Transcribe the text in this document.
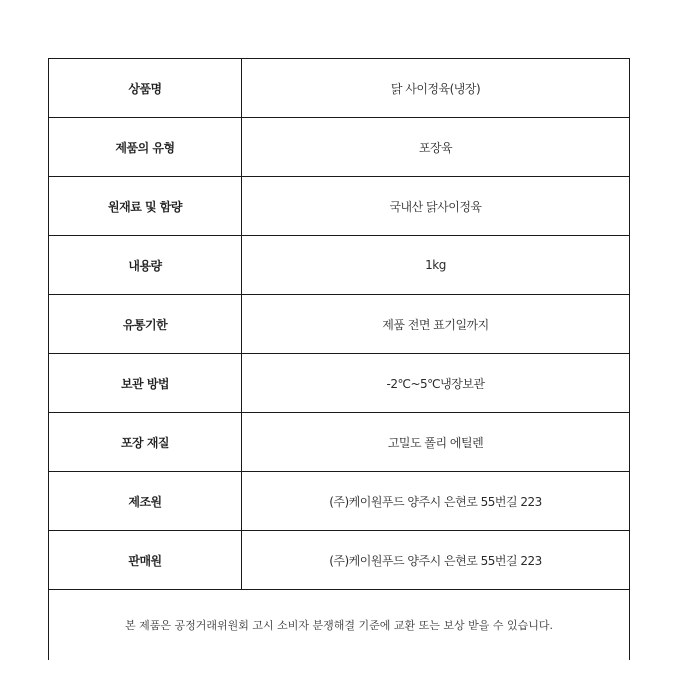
상품명	닭 사이정육(냉장)
제품의 유형	포장육
원재료 및 함량	국내산 닭사이정육
내용량	1kg
유통기한	제품 전면 표기일까지
보관 방법	-2℃~5℃냉장보관
포장 재질	고밀도 폴리 에틸렌
제조원	(주)케이원푸드 양주시 은현로 55번길 223
판매원	(주)케이원푸드 양주시 은현로 55번길 223
본 제품은 공정거래위원회 고시 소비자 분쟁해결 기준에 교환 또는 보상 받을 수 있습니다.	
